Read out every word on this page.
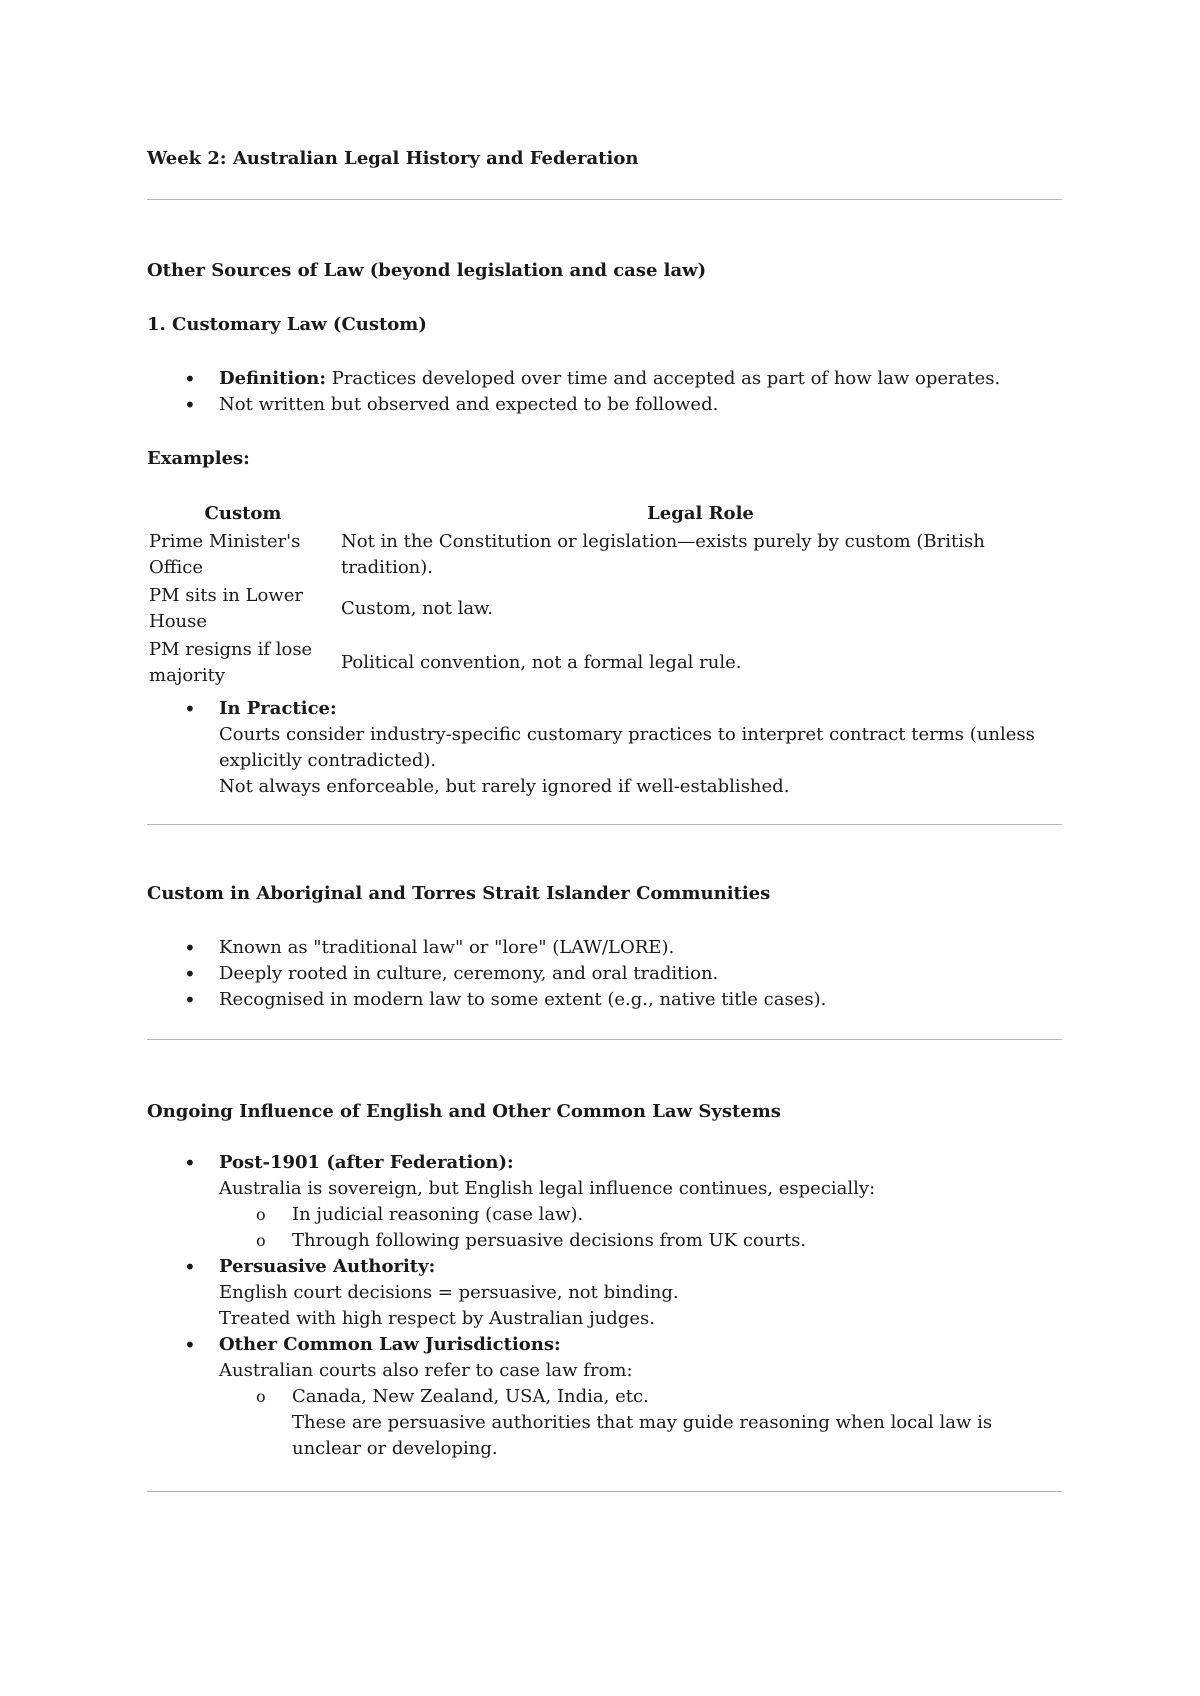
Week 2: Australian Legal History and Federation
Other Sources of Law (beyond legislation and case law)
1. Customary Law (Custom)
• Definition: Practices developed over time and accepted as part of how law operates.
• Not written but observed and expected to be followed.

Examples:

Custom	Legal Role
Prime Minister's Office	Not in the Constitution or legislation—exists purely by custom (British tradition).
PM sits in Lower House	Custom, not law.
PM resigns if lose majority	Political convention, not a formal legal rule.
• In Practice:
Courts consider industry-specific customary practices to interpret contract terms (unless explicitly contradicted).
Not always enforceable, but rarely ignored if well-established.
Custom in Aboriginal and Torres Strait Islander Communities
• Known as "traditional law" or "lore" (LAW/LORE).
• Deeply rooted in culture, ceremony, and oral tradition.
• Recognised in modern law to some extent (e.g., native title cases).
Ongoing Influence of English and Other Common Law Systems
• Post-1901 (after Federation):
Australia is sovereign, but English legal influence continues, especially:
o In judicial reasoning (case law).
o Through following persuasive decisions from UK courts.
• Persuasive Authority:
English court decisions = persuasive, not binding.
Treated with high respect by Australian judges.
• Other Common Law Jurisdictions:
Australian courts also refer to case law from:
o Canada, New Zealand, USA, India, etc.
These are persuasive authorities that may guide reasoning when local law is unclear or developing.
